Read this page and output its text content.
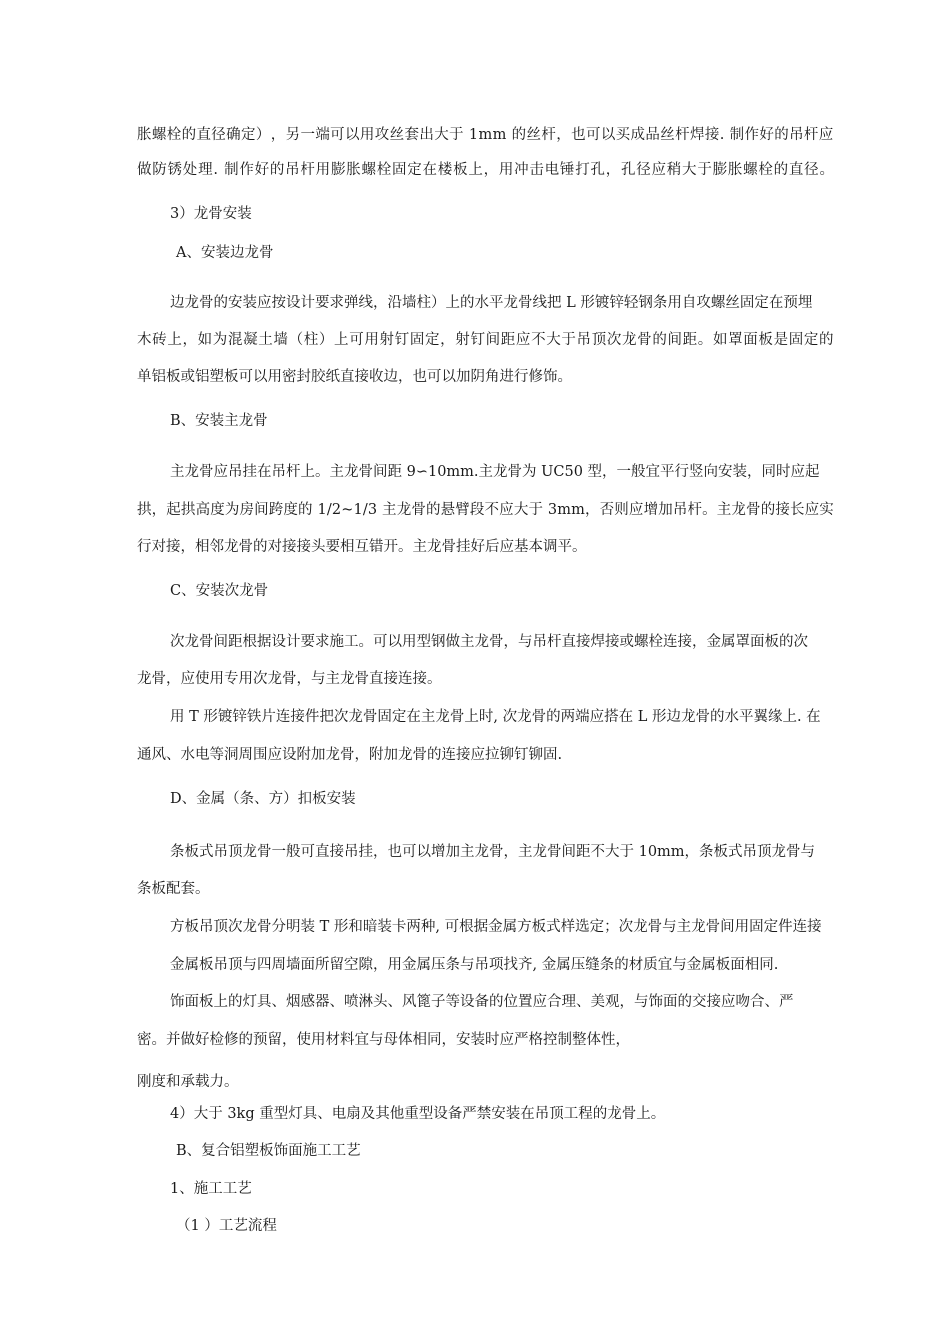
胀 螺 栓 的 直 径 确 定 ） ， 另 一 端 可 以 用 攻 丝 套 出 大 于
1 m m
的 丝 杆 ， 也 可 以 买 成 品 丝 杆 焊 接 .
制 作 好 的 吊 杆 应
做 防 锈 处 理 .
制 作 好 的 吊 杆 用 膨 胀 螺 栓 固 定 在 楼 板 上 ， 用 冲 击 电 锤 打 孔 ， 孔 径 应 稍 大 于 膨 胀 螺 栓 的 直 径 。
3）龙骨安装
A、安装边龙骨
边龙骨的安装应按设计要求弹线，沿墙柱）上的水平龙骨线把 L 形镀锌轻钢条用自攻螺丝固定在预埋
木 砖 上 ， 如 为 混 凝 土 墙 （ 柱 ） 上 可 用 射 钉 固 定 ， 射 钉 间 距 应 不 大 于 吊 顶 次 龙 骨 的 间 距 。 如 罩 面 板 是 固 定 的
单铝板或铝塑板可以用密封胶纸直接收边，也可以加阴角进行修饰。
B、安装主龙骨
主龙骨应吊挂在吊杆上。主龙骨间距 9∽10mm.主龙骨为 UC50 型，一般宜平行竖向安装，同时应起
拱 ， 起 拱 高 度 为 房 间 跨 度 的
1 / 2 ~ 1 / 3
主 龙 骨 的 悬 臂 段 不 应 大 于
3 m m ， 否 则 应 增 加 吊 杆 。 主 龙 骨 的 接 长 应 实
行对接，相邻龙骨的对接接头要相互错开。主龙骨挂好后应基本调平。
C、安装次龙骨
次龙骨间距根据设计要求施工。可以用型钢做主龙骨，与吊杆直接焊接或螺栓连接，金属罩面板的次
龙骨，应使用专用次龙骨，与主龙骨直接连接。
用 T 形镀锌铁片连接件把次龙骨固定在主龙骨上时, 次龙骨的两端应搭在 L 形边龙骨的水平翼缘上. 在
通风、水电等洞周围应设附加龙骨，附加龙骨的连接应拉铆钉铆固.
D、金属（条、方）扣板安装
条板式吊顶龙骨一般可直接吊挂，也可以增加主龙骨，主龙骨间距不大于 10mm，条板式吊顶龙骨与
条板配套。
方板吊顶次龙骨分明装 T 形和暗装卡两种, 可根据金属方板式样选定；次龙骨与主龙骨间用固定件连接
金属板吊顶与四周墙面所留空隙，用金属压条与吊项找齐, 金属压缝条的材质宜与金属板面相同.
饰面板上的灯具、烟感器、喷淋头、风篦子等设备的位置应合理、美观，与饰面的交接应吻合、严
密。并做好检修的预留，使用材料宜与母体相同，安装时应严格控制整体性，
刚度和承载力。
4）大于 3kg 重型灯具、电扇及其他重型设备严禁安装在吊顶工程的龙骨上。
B、复合铝塑板饰面施工工艺
1、施工工艺
（1 ）工艺流程
